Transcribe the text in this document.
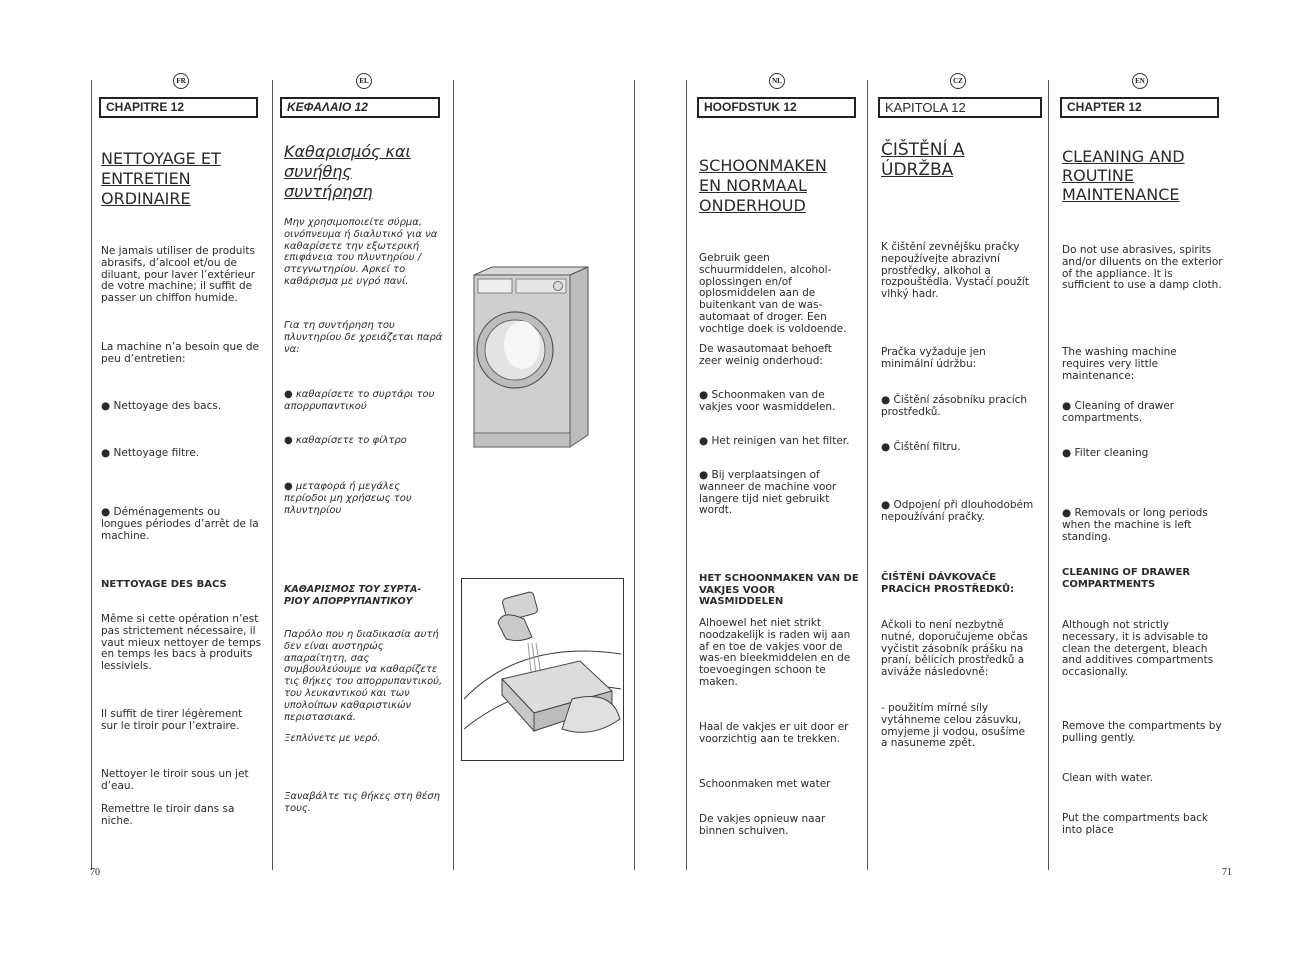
FR	EL	NL	CZ	EN
CHAPITRE 12	ΚΕΦΑΛΑΙΟ 12	HOOFDSTUK 12	KAPITOLA 12	CHAPTER 12
NETTOYAGE ET ENTRETIEN ORDINAIRE
Ne jamais utiliser de produits abrasifs, d’alcool et/ou de diluant, pour laver l’extérieur de votre machine; il suffit de passer un chiffon humide.
La machine n’a besoin que de peu d’entretien:
● Nettoyage des bacs.
● Nettoyage filtre.
● Déménagements ou longues périodes d’arrêt de la machine.
NETTOYAGE DES BACS
Même si cette opération n’est pas strictement nécessaire, il vaut mieux nettoyer de temps en temps les bacs à produits lessiviels.
Il suffit de tirer légèrement sur le tiroir pour l’extraire.
Nettoyer le tiroir sous un jet d’eau.
Remettre le tiroir dans sa niche.
Καθαρισμός και συνήθης συντήρηση
Μην χρησιμοποιείτε σύρμα, οινόπνευμα ή διαλυτικό για να καθαρίσετε την εξωτερική επιφάνεια του πλυντηρίου / στεγνωτηρίου. Αρκεί το καθάρισμα με υγρό πανί.
Για τη συντήρηση του πλυντηρίου δε χρειάζεται παρά να:
● καθαρίσετε το συρτάρι του απορρυπαντικού
● καθαρίσετε το φίλτρο
● μεταφορά ή μεγάλες περίοδοι μη χρήσεως του πλυντηρίου
ΚΑΘΑΡΙΣΜΟΣ ΤΟΥ ΣΥΡΤΑ-ΡΙΟΥ ΑΠΟΡΡΥΠΑΝΤΙΚΟΥ
Παρόλο που η διαδικασία αυτή δεν είναι αυστηρώς απαραίτητη, σας συμβουλεύουμε να καθαρίζετε τις θήκες του απορρυπαντικού, του λευκαντικού και των υπολοίπων καθαριστικών περιστασιακά.
Ξεπλύνετε με νερό.
Ξαναβάλτε τις θήκες στη θέση τους.
SCHOONMAKEN EN NORMAAL ONDERHOUD
Gebruik geen schuurmiddelen, alcohol-oplossingen en/of oplosmiddelen aan de buitenkant van de was-automaat of droger. Een vochtige doek is voldoende.
De wasautomaat behoeft zeer weinig onderhoud:
● Schoonmaken van de vakjes voor wasmiddelen.
● Het reinigen van het filter.
● Bij verplaatsingen of wanneer de machine voor langere tijd niet gebruikt wordt.
HET SCHOONMAKEN VAN DE VAKJES VOOR WASMIDDELEN
Alhoewel het niet strikt noodzakelijk is raden wij aan af en toe de vakjes voor de was-en bleekmiddelen en de toevoegingen schoon te maken.
Haal de vakjes er uit door er voorzichtig aan te trekken.
Schoonmaken met water
De vakjes opnieuw naar binnen schuiven.
ČIŠTĚNÍ A ÚDRŽBA
K čištění zevnějšku pračky nepoužívejte abrazivní prostředky, alkohol a rozpouštědla. Vystačí použít vlhký hadr.
Pračka vyžaduje jen minimální údržbu:
● Čištění zásobníku pracích prostředků.
● Čištění filtru.
● Odpojení při dlouhodobém nepoužívání pračky.
ČIŠTĚNÍ DÁVKOVAČE PRACÍCH PROSTŘEDKŮ:
Ačkoli to není nezbytně nutné, doporučujeme občas vyčistit zásobník prášku na praní, bělících prostředků a aviváže následovně:
- použitím mírné síly vytáhneme celou zásuvku, omyjeme ji vodou, osušíme a nasuneme zpět.
CLEANING AND ROUTINE MAINTENANCE
Do not use abrasives, spirits and/or diluents on the exterior of the appliance. It is sufficient to use a damp cloth.
The washing machine requires very little maintenance:
● Cleaning of drawer compartments.
● Filter cleaning
● Removals or long periods when the machine is left standing.
CLEANING OF DRAWER COMPARTMENTS
Although not strictly necessary, it is advisable to clean the detergent, bleach and additives compartments occasionally.
Remove the compartments by pulling gently.
Clean with water.
Put the compartments back into place
70	71
